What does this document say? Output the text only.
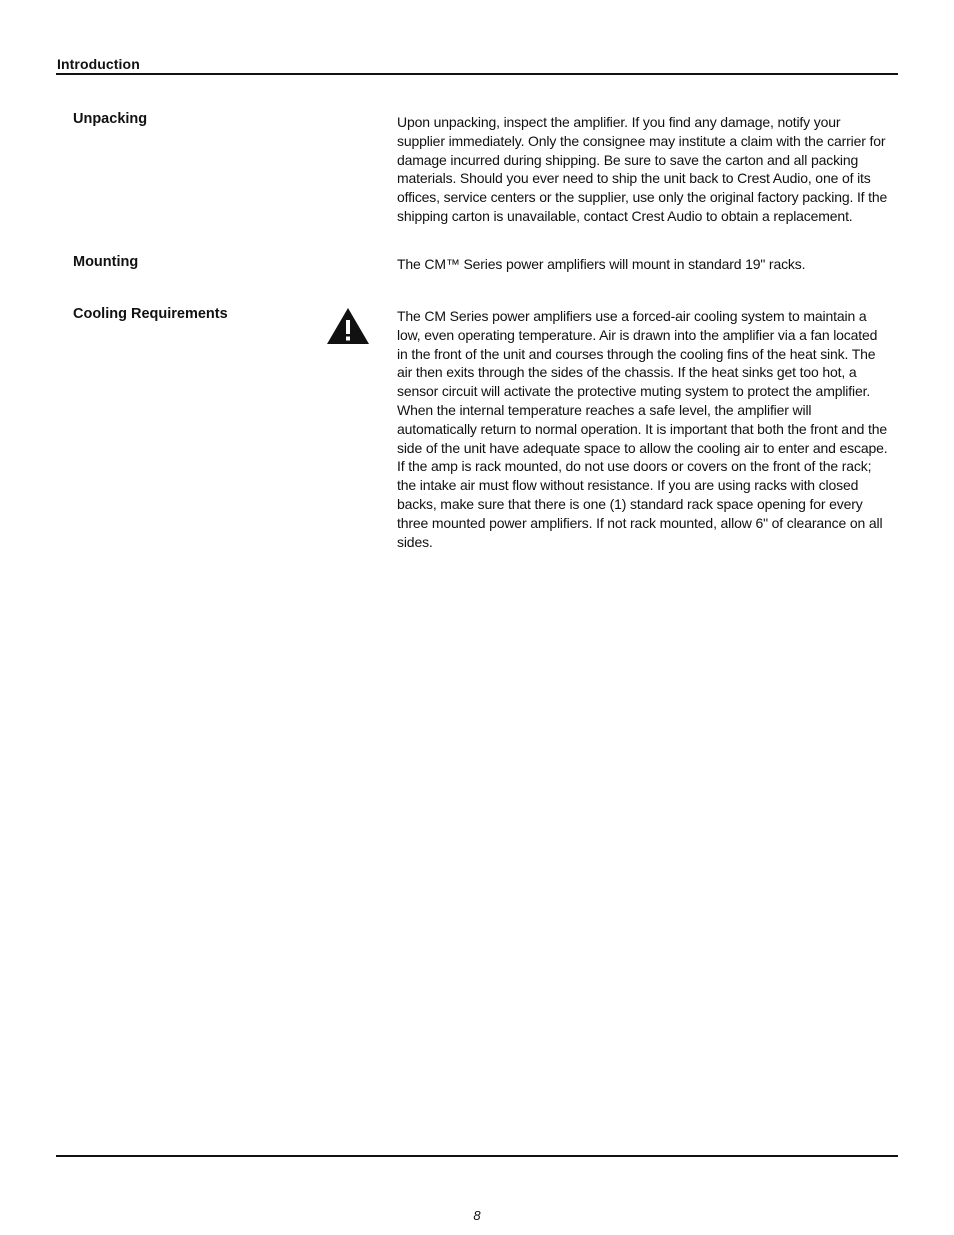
Introduction
Unpacking	Upon unpacking, inspect the amplifier. If you find any damage, notify your supplier immediately. Only the consignee may institute a claim with the carrier for damage incurred during shipping. Be sure to save the carton and all packing materials. Should you ever need to ship the unit back to Crest Audio, one of its offices, service centers or the supplier, use only the original factory packing. If the shipping carton is unavailable, contact Crest Audio to obtain a replacement.
Mounting	The CM™ Series power amplifiers will mount in standard 19" racks.
Cooling Requirements	The CM Series power amplifiers use a forced-air cooling system to maintain a low, even operating temperature. Air is drawn into the amplifier via a fan located in the front of the unit and courses through the cooling fins of the heat sink. The air then exits through the sides of the chassis. If the heat sinks get too hot, a sensor circuit will activate the protective muting system to protect the amplifier. When the internal temperature reaches a safe level, the amplifier will automatically return to normal operation. It is important that both the front and the side of the unit have adequate space to allow the cooling air to enter and escape. If the amp is rack mounted, do not use doors or covers on the front of the rack; the intake air must flow without resistance. If you are using racks with closed backs, make sure that there is one (1) standard rack space opening for every three mounted power amplifiers. If not rack mounted, allow 6" of clearance on all sides.
8
